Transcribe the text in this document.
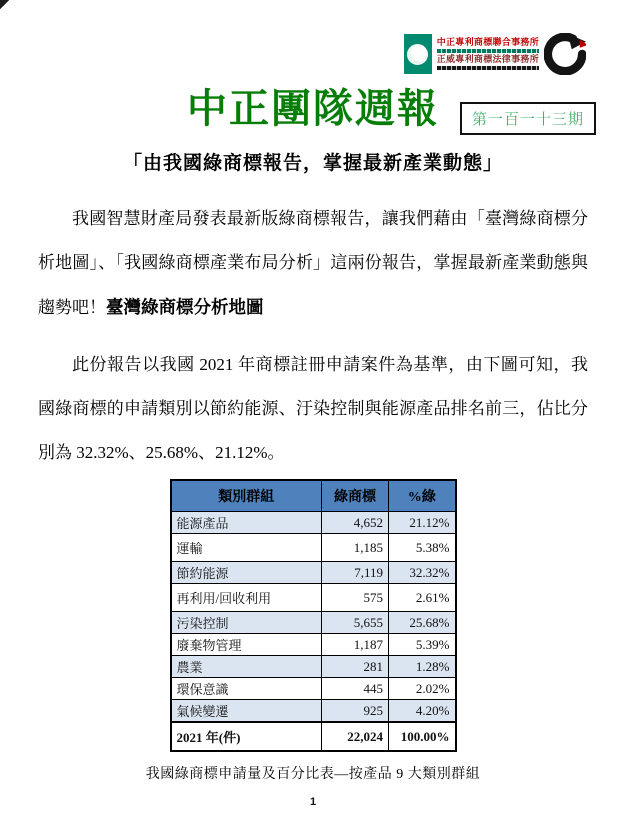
中正專利商標聯合事務所
正威專利商標法律事務所
中正團隊週報	第一百一十三期
「由我國綠商標報告，掌握最新產業動態」

我國智慧財產局發表最新版綠商標報告，讓我們藉由「臺灣綠商標分析地圖」、「我國綠商標產業布局分析」這兩份報告，掌握最新產業動態與趨勢吧！臺灣綠商標分析地圖

此份報告以我國 2021 年商標註冊申請案件為基準，由下圖可知，我國綠商標的申請類別以節約能源、汙染控制與能源產品排名前三，佔比分別為 32.32%、25.68%、21.12%。

類別群組	綠商標	%綠
能源產品	4,652	21.12%
運輸	1,185	5.38%
節約能源	7,119	32.32%
再利用/回收利用	575	2.61%
污染控制	5,655	25.68%
廢棄物管理	1,187	5.39%
農業	281	1.28%
環保意識	445	2.02%
氣候變遷	925	4.20%
2021 年(件)	22,024	100.00%
我國綠商標申請量及百分比表—按產品 9 大類別群組
1
